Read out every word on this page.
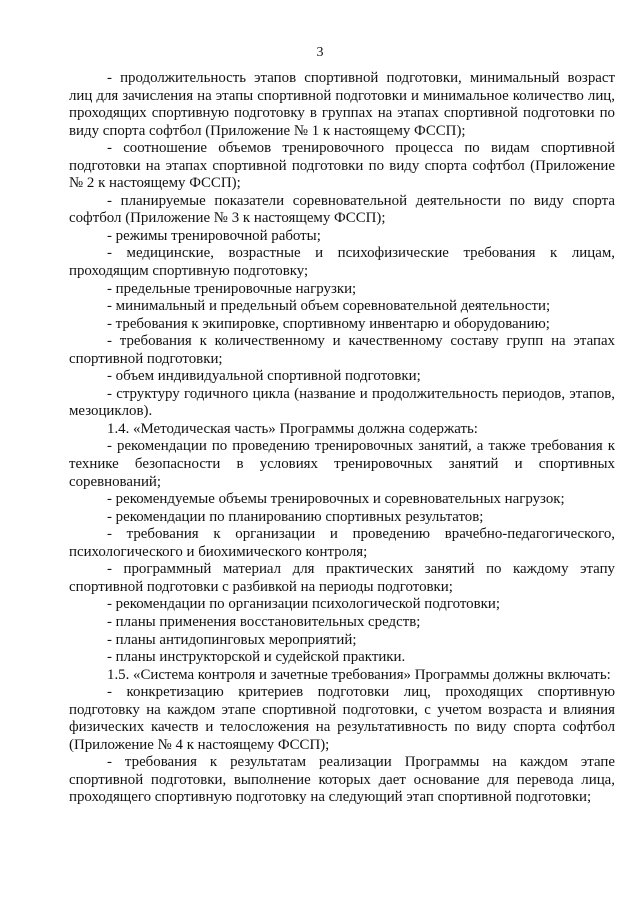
3

- продолжительность этапов спортивной подготовки, минимальный возраст лиц для зачисления на этапы спортивной подготовки и минимальное количество лиц, проходящих спортивную подготовку в группах на этапах спортивной подготовки по виду спорта софтбол (Приложение № 1 к настоящему ФССП);

- соотношение объемов тренировочного процесса по видам спортивной подготовки на этапах спортивной подготовки по виду спорта софтбол (Приложение № 2 к настоящему ФССП);

- планируемые показатели соревновательной деятельности по виду спорта софтбол (Приложение № 3 к настоящему ФССП);

- режимы тренировочной работы;

- медицинские, возрастные и психофизические требования к лицам, проходящим спортивную подготовку;

- предельные тренировочные нагрузки;

- минимальный и предельный объем соревновательной деятельности;

- требования к экипировке, спортивному инвентарю и оборудованию;

- требования к количественному и качественному составу групп на этапах спортивной подготовки;

- объем индивидуальной спортивной подготовки;

- структуру годичного цикла (название и продолжительность периодов, этапов, мезоциклов).

1.4. «Методическая часть» Программы должна содержать:

- рекомендации по проведению тренировочных занятий, а также требования к технике безопасности в условиях тренировочных занятий и спортивных соревнований;

- рекомендуемые объемы тренировочных и соревновательных нагрузок;

- рекомендации по планированию спортивных результатов;

- требования к организации и проведению врачебно-педагогического, психологического и биохимического контроля;

- программный материал для практических занятий по каждому этапу спортивной подготовки с разбивкой на периоды подготовки;

- рекомендации по организации психологической подготовки;

- планы применения восстановительных средств;

- планы антидопинговых мероприятий;

- планы инструкторской и судейской практики.

1.5. «Система контроля и зачетные требования» Программы должны включать:

- конкретизацию критериев подготовки лиц, проходящих спортивную подготовку на каждом этапе спортивной подготовки, с учетом возраста и влияния физических качеств и телосложения на результативность по виду спорта софтбол (Приложение № 4 к настоящему ФССП);

- требования к результатам реализации Программы на каждом этапе спортивной подготовки, выполнение которых дает основание для перевода лица, проходящего спортивную подготовку на следующий этап спортивной подготовки;
